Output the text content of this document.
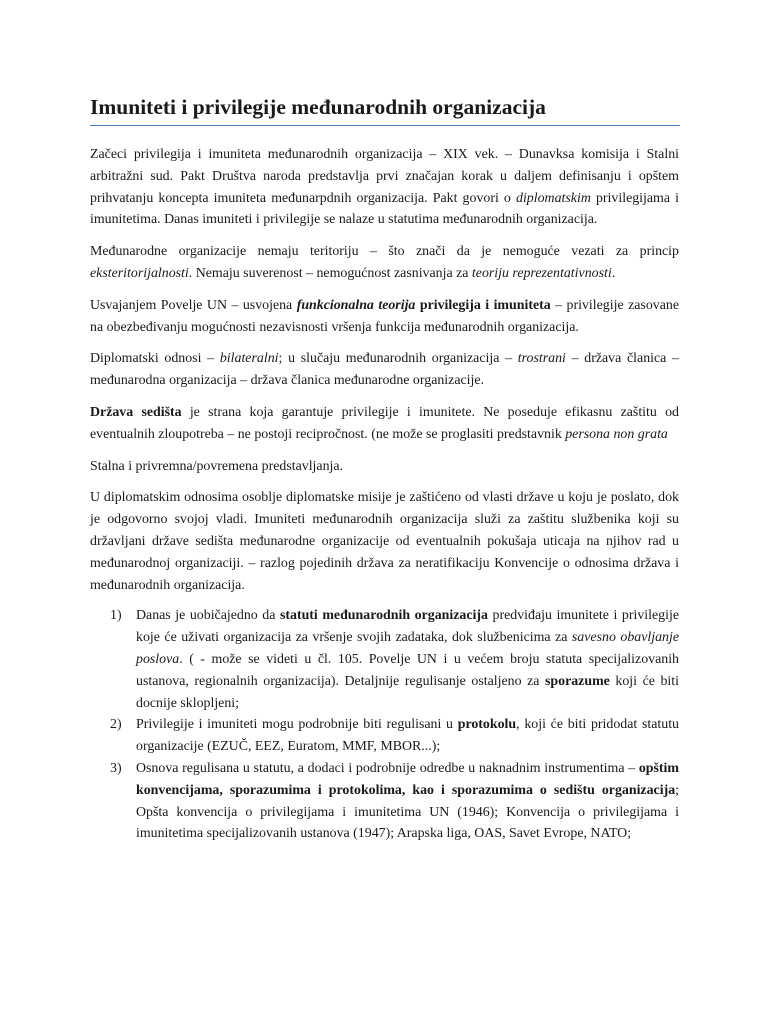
Imuniteti i privilegije međunarodnih organizacija

Začeci privilegija i imuniteta međunarodnih organizacija – XIX vek. – Dunavksa komisija i Stalni arbitražni sud. Pakt Društva naroda predstavlja prvi značajan korak u daljem definisanju i opštem prihvatanju koncepta imuniteta međunarpdnih organizacija. Pakt govori o diplomatskim privilegijama i imunitetima. Danas imuniteti i privilegije se nalaze u statutima međunarodnih organizacija.

Međunarodne organizacije nemaju teritoriju – što znači da je nemoguće vezati za princip eksteritorijalnosti. Nemaju suverenost – nemogućnost zasnivanja za teoriju reprezentativnosti.

Usvajanjem Povelje UN – usvojena funkcionalna teorija privilegija i imuniteta – privilegije zasovane na obezbeđivanju mogućnosti nezavisnosti vršenja funkcija međunarodnih organizacija.

Diplomatski odnosi – bilateralni; u slučaju međunarodnih organizacija – trostrani – država članica – međunarodna organizacija – država članica međunarodne organizacije.

Država sedišta je strana koja garantuje privilegije i imunitete. Ne poseduje efikasnu zaštitu od eventualnih zloupotreba – ne postoji recipročnost. (ne može se proglasiti predstavnik persona non grata

Stalna i privremna/povremena predstavljanja.

U diplomatskim odnosima osoblje diplomatske misije je zaštićeno od vlasti države u koju je poslato, dok je odgovorno svojoj vladi. Imuniteti međunarodnih organizacija služi za zaštitu službenika koji su državljani države sedišta međunarodne organizacije od eventualnih pokušaja uticaja na njihov rad u međunarodnoj organizaciji. – razlog pojedinih država za neratifikaciju Konvencije o odnosima država i međunarodnih organizacija.

1) Danas je uobičajedno da statuti međunarodnih organizacija predviđaju imunitete i privilegije koje će uživati organizacija za vršenje svojih zadataka, dok službenicima za savesno obavljanje poslova. ( - može se videti u čl. 105. Povelje UN i u većem broju statuta specijalizovanih ustanova, regionalnih organizacija). Detaljnije regulisanje ostaljeno za sporazume koji će biti docnije sklopljeni;
2) Privilegije i imuniteti mogu podrobnije biti regulisani u protokolu, koji će biti pridodat statutu organizacije (EZUČ, EEZ, Euratom, MMF, MBOR...);
3) Osnova regulisana u statutu, a dodaci i podrobnije odredbe u naknadnim instrumentima – opštim konvencijama, sporazumima i protokolima, kao i sporazumima o sedištu organizacija; Opšta konvencija o privilegijama i imunitetima UN (1946); Konvencija o privilegijama i imunitetima specijalizovanih ustanova (1947); Arapska liga, OAS, Savet Evrope, NATO;
